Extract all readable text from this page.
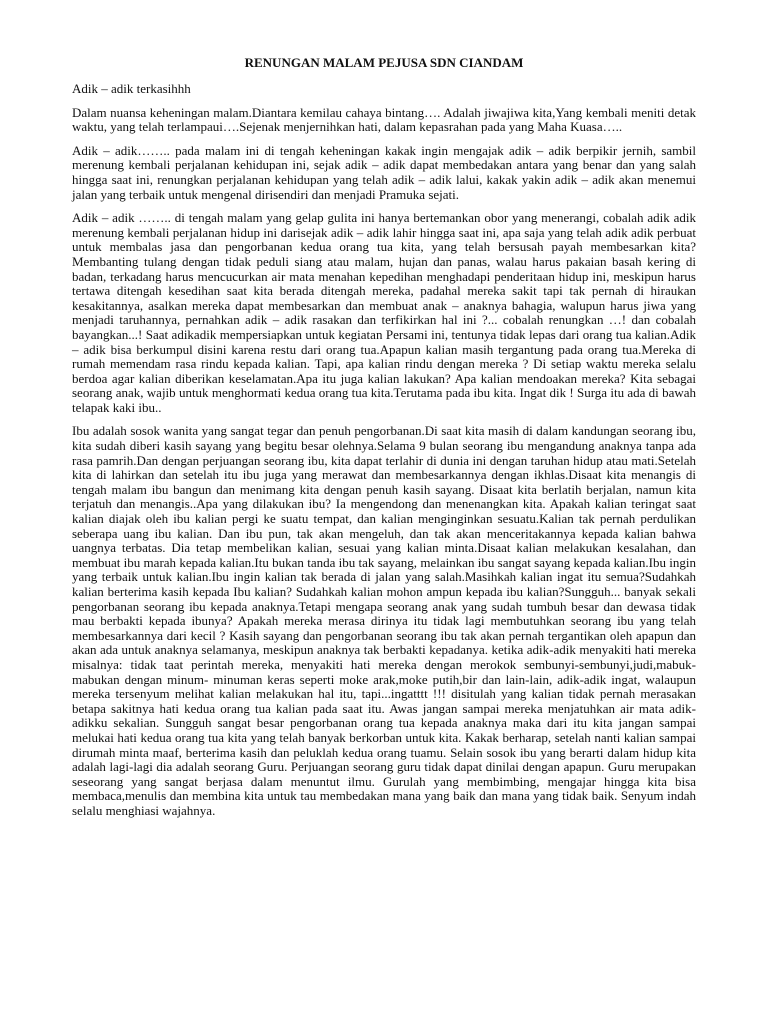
RENUNGAN MALAM PEJUSA SDN CIANDAM
Adik – adik terkasihhh

Dalam nuansa keheningan malam.Diantara kemilau cahaya bintang…. Adalah jiwajiwa kita,Yang kembali meniti detak waktu, yang telah terlampaui….Sejenak menjernihkan hati, dalam kepasrahan pada yang Maha Kuasa…..

Adik – adik…….. pada malam ini di tengah keheningan kakak ingin mengajak adik – adik berpikir jernih, sambil merenung kembali perjalanan kehidupan ini, sejak adik – adik dapat membedakan antara yang benar dan yang salah hingga saat ini, renungkan perjalanan kehidupan yang telah adik – adik lalui, kakak yakin adik – adik akan menemui jalan yang terbaik untuk mengenal dirisendiri dan menjadi Pramuka sejati.

Adik – adik …….. di tengah malam yang gelap gulita ini hanya bertemankan obor yang menerangi, cobalah adik adik merenung kembali perjalanan hidup ini darisejak adik – adik lahir hingga saat ini, apa saja yang telah adik adik perbuat untuk membalas jasa dan pengorbanan kedua orang tua kita, yang telah bersusah payah membesarkan kita? Membanting tulang dengan tidak peduli siang atau malam, hujan dan panas, walau harus pakaian basah kering di badan, terkadang harus mencucurkan air mata menahan kepedihan menghadapi penderitaan hidup ini, meskipun harus tertawa ditengah kesedihan saat kita berada ditengah mereka, padahal mereka sakit tapi tak pernah di hiraukan kesakitannya, asalkan mereka dapat membesarkan dan membuat anak – anaknya bahagia, walupun harus jiwa yang menjadi taruhannya, pernahkan adik – adik rasakan dan terfikirkan hal ini ?... cobalah renungkan …! dan cobalah bayangkan...! Saat adikadik mempersiapkan untuk kegiatan Persami ini, tentunya tidak lepas dari orang tua kalian.Adik – adik bisa berkumpul disini karena restu dari orang tua.Apapun kalian masih tergantung pada orang tua.Mereka di rumah memendam rasa rindu kepada kalian. Tapi, apa kalian rindu dengan mereka ? Di setiap waktu mereka selalu berdoa agar kalian diberikan keselamatan.Apa itu juga kalian lakukan? Apa kalian mendoakan mereka? Kita sebagai seorang anak, wajib untuk menghormati kedua orang tua kita.Terutama pada ibu kita. Ingat dik ! Surga itu ada di bawah telapak kaki ibu..

Ibu adalah sosok wanita yang sangat tegar dan penuh pengorbanan.Di saat kita masih di dalam kandungan seorang ibu, kita sudah diberi kasih sayang yang begitu besar olehnya.Selama 9 bulan seorang ibu mengandung anaknya tanpa ada rasa pamrih.Dan dengan perjuangan seorang ibu, kita dapat terlahir di dunia ini dengan taruhan hidup atau mati.Setelah kita di lahirkan dan setelah itu ibu juga yang merawat dan membesarkannya dengan ikhlas.Disaat kita menangis di tengah malam ibu bangun dan menimang kita dengan penuh kasih sayang. Disaat kita berlatih berjalan, namun kita terjatuh dan menangis..Apa yang dilakukan ibu? Ia mengendong dan menenangkan kita. Apakah kalian teringat saat kalian diajak oleh ibu kalian pergi ke suatu tempat, dan kalian menginginkan sesuatu.Kalian tak pernah perdulikan seberapa uang ibu kalian. Dan ibu pun, tak akan mengeluh, dan tak akan menceritakannya kepada kalian bahwa uangnya terbatas. Dia tetap membelikan kalian, sesuai yang kalian minta.Disaat kalian melakukan kesalahan, dan membuat ibu marah kepada kalian.Itu bukan tanda ibu tak sayang, melainkan ibu sangat sayang kepada kalian.Ibu ingin yang terbaik untuk kalian.Ibu ingin kalian tak berada di jalan yang salah.Masihkah kalian ingat itu semua?Sudahkah kalian berterima kasih kepada Ibu kalian? Sudahkah kalian mohon ampun kepada ibu kalian?Sungguh... banyak sekali pengorbanan seorang ibu kepada anaknya.Tetapi mengapa seorang anak yang sudah tumbuh besar dan dewasa tidak mau berbakti kepada ibunya? Apakah mereka merasa dirinya itu tidak lagi membutuhkan seorang ibu yang telah membesarkannya dari kecil ? Kasih sayang dan pengorbanan seorang ibu tak akan pernah tergantikan oleh apapun dan akan ada untuk anaknya selamanya, meskipun anaknya tak berbakti kepadanya. ketika adik-adik menyakiti hati mereka misalnya: tidak taat perintah mereka, menyakiti hati mereka dengan merokok sembunyi-sembunyi,judi,mabuk-mabukan dengan minum- minuman keras seperti moke arak,moke putih,bir dan lain-lain, adik-adik ingat, walaupun mereka tersenyum melihat kalian melakukan hal itu, tapi...ingatttt !!! disitulah yang kalian tidak pernah merasakan betapa sakitnya hati kedua orang tua kalian pada saat itu. Awas jangan sampai mereka menjatuhkan air mata adik-adikku sekalian. Sungguh sangat besar pengorbanan orang tua kepada anaknya maka dari itu kita jangan sampai melukai hati kedua orang tua kita yang telah banyak berkorban untuk kita. Kakak berharap, setelah nanti kalian sampai dirumah minta maaf, berterima kasih dan peluklah kedua orang tuamu. Selain sosok ibu yang berarti dalam hidup kita adalah lagi-lagi dia adalah seorang Guru. Perjuangan seorang guru tidak dapat dinilai dengan apapun. Guru merupakan seseorang yang sangat berjasa dalam menuntut ilmu. Gurulah yang membimbing, mengajar hingga kita bisa membaca,menulis dan membina kita untuk tau membedakan mana yang baik dan mana yang tidak baik. Senyum indah selalu menghiasi wajahnya.
